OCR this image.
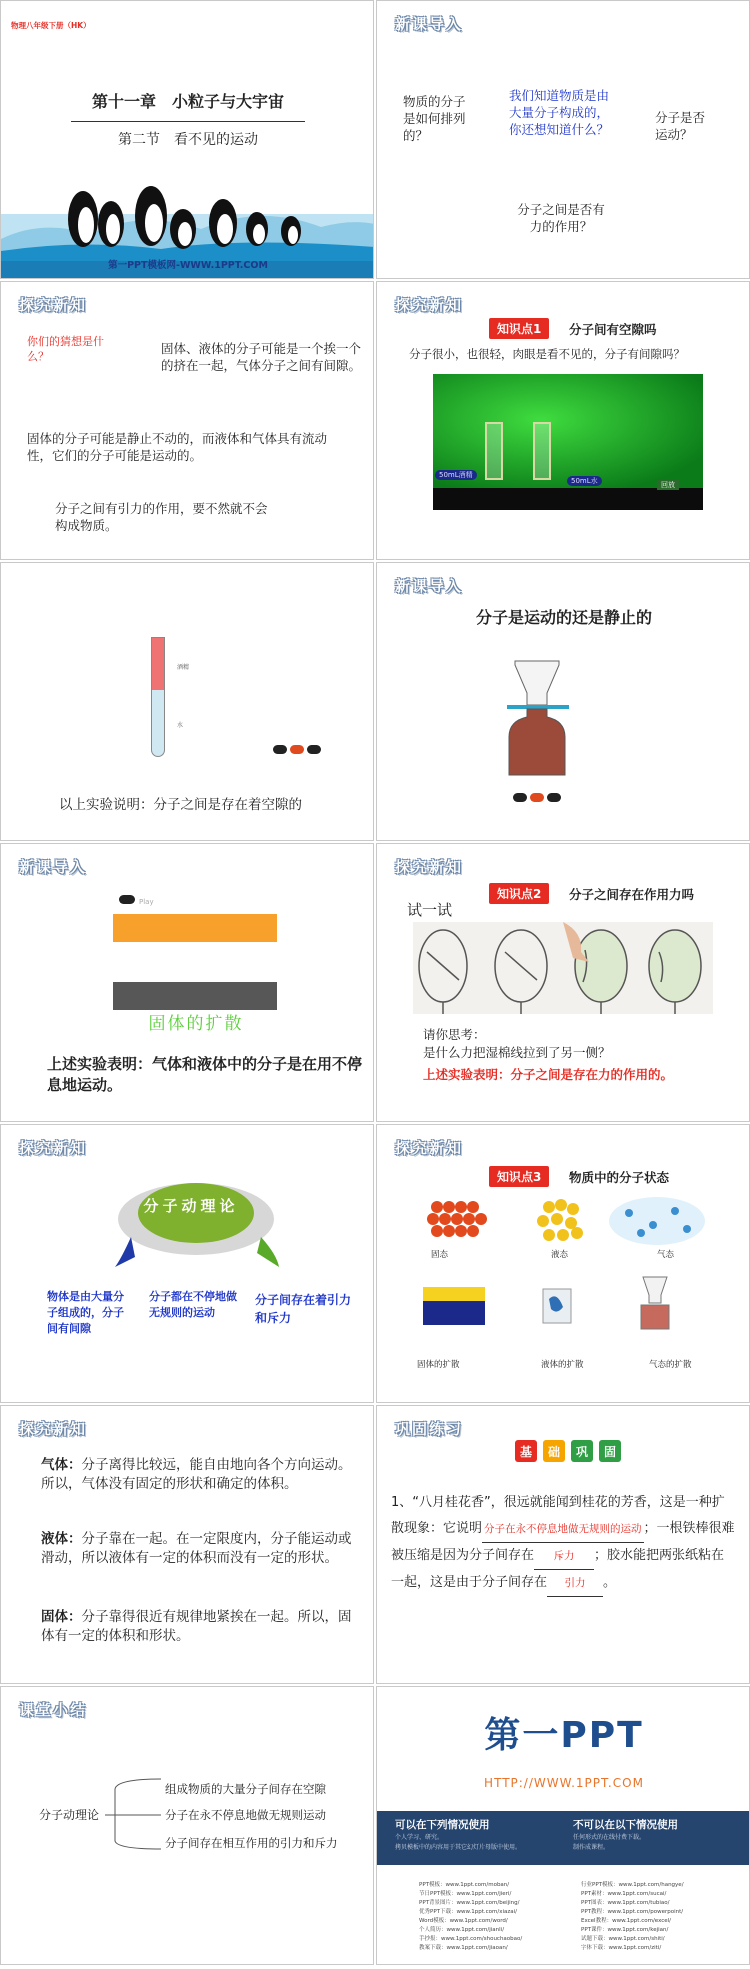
物理八年级下册（HK）
第十一章　小粒子与大宇宙
第二节　看不见的运动
第一PPT模板网-WWW.1PPT.COM
新课导入
物质的分子是如何排列的？
我们知道物质是由大量分子构成的，你还想知道什么？
分子是否运动？
分子之间是否有力的作用？
探究新知
你们的猜想是什么？
固体、液体的分子可能是一个挨一个的挤在一起，气体分子之间有间隙。
固体的分子可能是静止不动的，而液体和气体具有流动性，它们的分子可能是运动的。
分子之间有引力的作用，要不然就不会构成物质。
探究新知
知识点1	分子间有空隙吗
分子很小，也很轻，肉眼是看不见的，分子有间隙吗？
50mL酒精
50mL水	回放
酒精
水
以上实验说明：分子之间是存在着空隙的
新课导入
分子是运动的还是静止的
新课导入
Play
固体的扩散
上述实验表明：气体和液体中的分子是在用不停息地运动。
探究新知
知识点2	分子之间存在作用力吗
试一试
请你思考：
是什么力把湿棉线拉到了另一侧？
上述实验表明：分子之间是存在力的作用的。
探究新知
分子动理论
物体是由大量分子组成的，分子间有间隙
分子都在不停地做无规则的运动
分子间存在着引力和斥力
探究新知
知识点3	物质中的分子状态
固态	液态	气态
固体的扩散	液体的扩散	气态的扩散
探究新知
气体：分子离得比较远，能自由地向各个方向运动。所以，气体没有固定的形状和确定的体积。
液体：分子靠在一起。在一定限度内，分子能运动或滑动，所以液体有一定的体积而没有一定的形状。
固体：分子靠得很近有规律地紧挨在一起。所以，固体有一定的体积和形状。
巩固练习
基	础	巩	固
1、“八月桂花香”，很远就能闻到桂花的芳香，这是一种扩散现象：它说明 分子在永不停息地做无规则的运动 ；一根铁棒很难被压缩是因为分子间存在 斥力 ；胶水能把两张纸粘在一起，这是由于分子间存在 引力 。
课堂小结
分子动理论
组成物质的大量分子间存在空隙
分子在永不停息地做无规则运动
分子间存在相互作用的引力和斥力
第一PPT
HTTP://WWW.1PPT.COM
可以在下列情况使用
个人学习、研究。
拷贝模板中的内容用于其它幻灯片母版中使用。
不可以在以下情况使用
任何形式的在线付费下载。
制作成课程。
PPT模板：www.1ppt.com/moban/
节日PPT模板：www.1ppt.com/jieri/
PPT背景图片：www.1ppt.com/beijing/
优秀PPT下载：www.1ppt.com/xiazai/
Word模板：www.1ppt.com/word/
个人简历：www.1ppt.com/jianli/
手抄报：www.1ppt.com/shouchaobao/
教案下载：www.1ppt.com/jiaoan/
行业PPT模板：www.1ppt.com/hangye/
PPT素材：www.1ppt.com/sucai/
PPT图表：www.1ppt.com/tubiao/
PPT教程：www.1ppt.com/powerpoint/
Excel教程：www.1ppt.com/excel/
PPT课件：www.1ppt.com/kejian/
试题下载：www.1ppt.com/shiti/
字体下载：www.1ppt.com/ziti/
